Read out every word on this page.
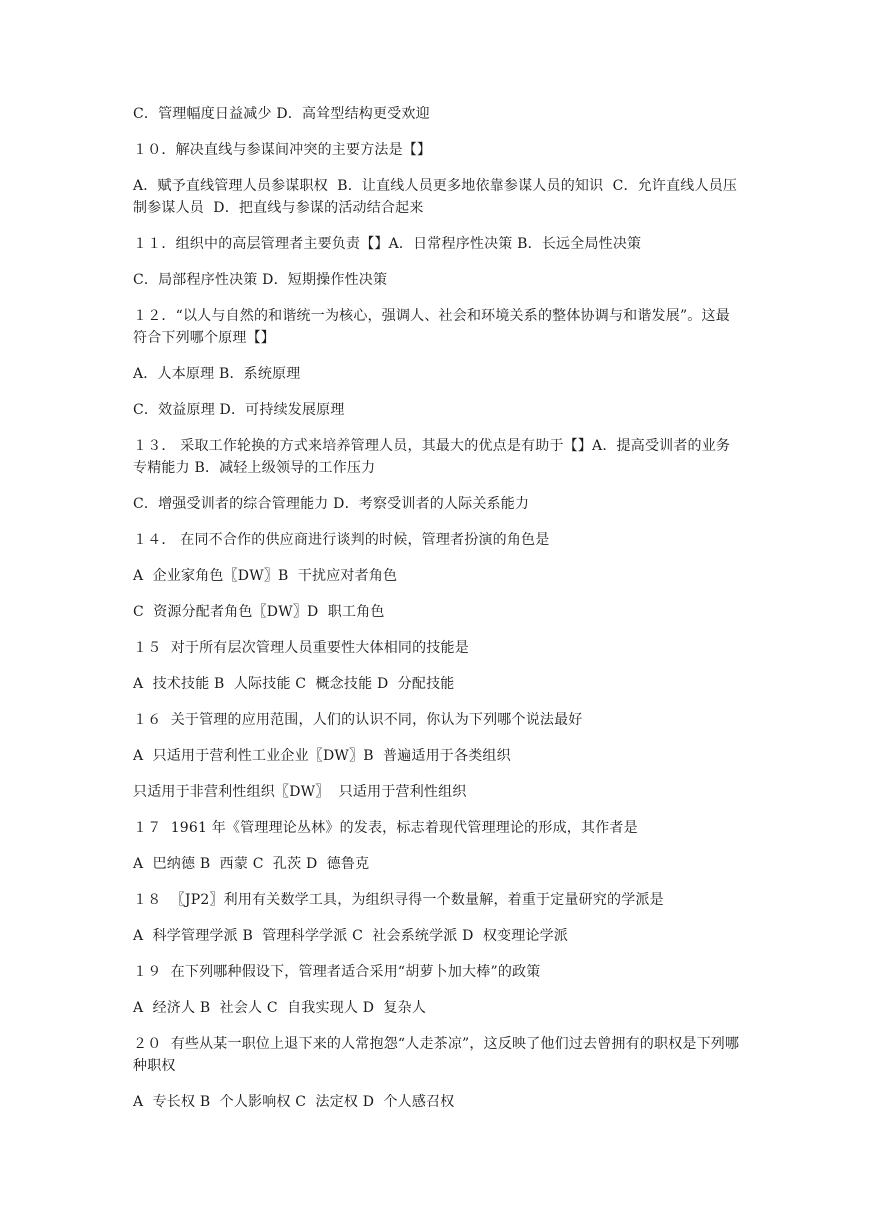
C．管理幅度日益减少 D．高耸型结构更受欢迎

１０．解决直线与参谋间冲突的主要方法是【】

A．赋予直线管理人员参谋职权  B．让直线人员更多地依靠参谋人员的知识  C．允许直线人员压制参谋人员  D．把直线与参谋的活动结合起来

１１．组织中的高层管理者主要负责【】A．日常程序性决策 B．长远全局性决策

C．局部程序性决策 D．短期操作性决策

１２．“以人与自然的和谐统一为核心，强调人、社会和环境关系的整体协调与和谐发展”。这最符合下列哪个原理【】

A．人本原理 B．系统原理

C．效益原理 D．可持续发展原理

１３． 采取工作轮换的方式来培养管理人员，其最大的优点是有助于【】A．提高受训者的业务专精能力 B．减轻上级领导的工作压力

C．增强受训者的综合管理能力 D．考察受训者的人际关系能力

１４． 在同不合作的供应商进行谈判的时候，管理者扮演的角色是

A  企业家角色〖DW〗B  干扰应对者角色

C  资源分配者角色〖DW〗D  职工角色

１５  对于所有层次管理人员重要性大体相同的技能是

A  技术技能 B  人际技能 C  概念技能 D  分配技能

１６  关于管理的应用范围，人们的认识不同，你认为下列哪个说法最好

A  只适用于营利性工业企业〖DW〗B  普遍适用于各类组织

只适用于非营利性组织〖DW〗  只适用于营利性组织

１７  1961 年《管理理论丛林》的发表，标志着现代管理理论的形成，其作者是

A  巴纳德 B  西蒙 C  孔茨 D  德鲁克

１８  〖JP2〗利用有关数学工具，为组织寻得一个数量解，着重于定量研究的学派是

A  科学管理学派 B  管理科学学派 C  社会系统学派 D  权变理论学派

１９  在下列哪种假设下，管理者适合采用“胡萝卜加大棒”的政策

A  经济人 B  社会人 C  自我实现人 D  复杂人

２０  有些从某一职位上退下来的人常抱怨“人走茶凉”，这反映了他们过去曾拥有的职权是下列哪种职权

A  专长权 B  个人影响权 C  法定权 D  个人感召权
